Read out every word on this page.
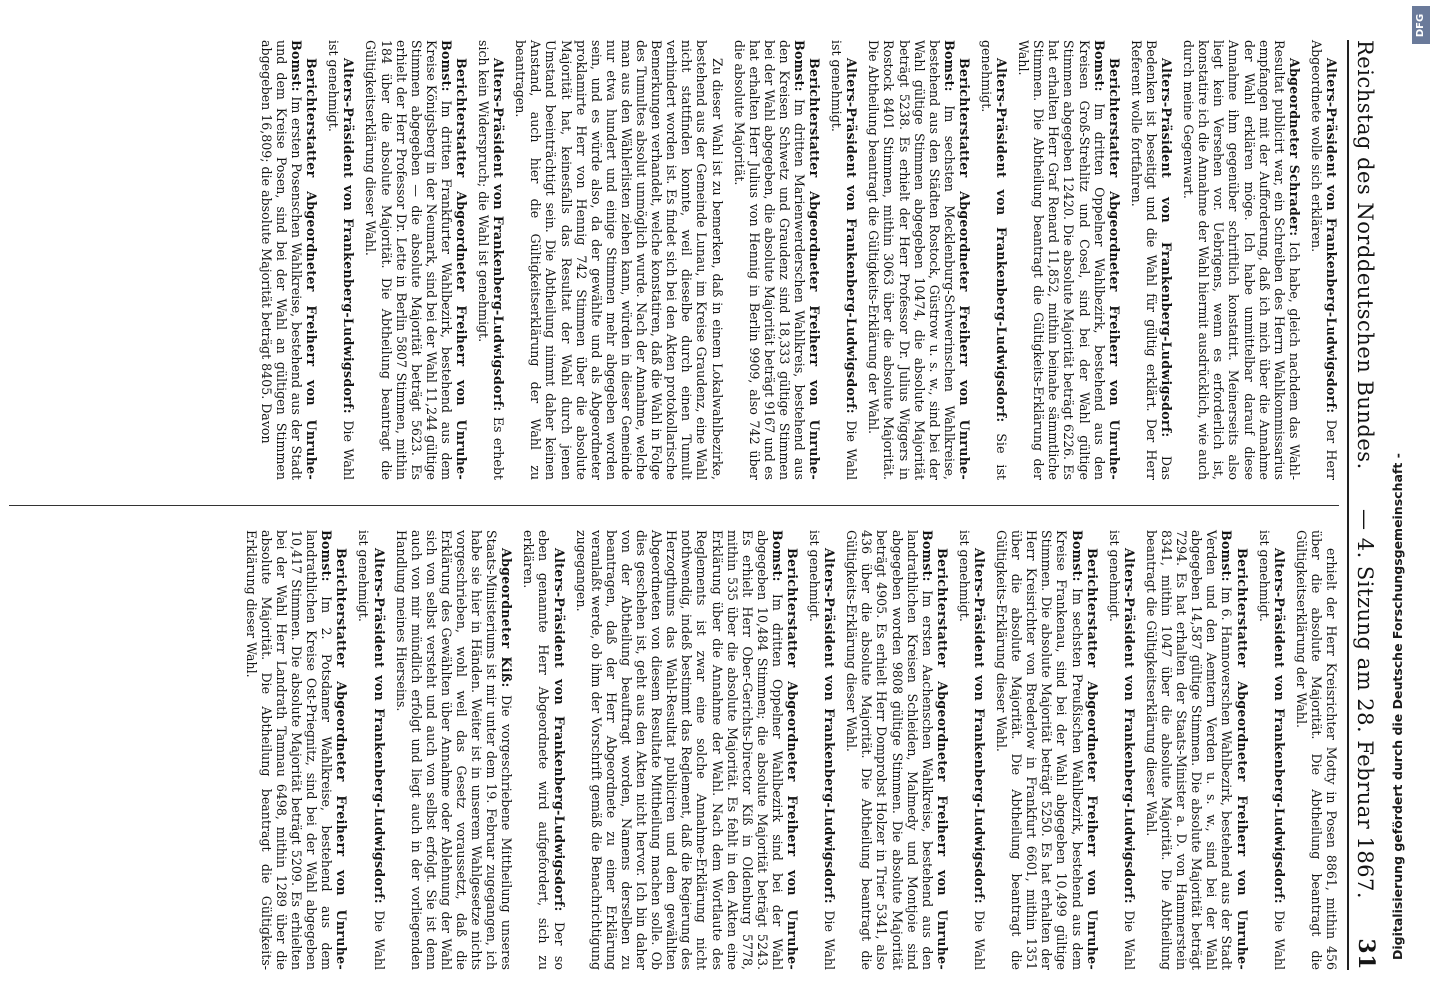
Reichstag des Norddeutschen Bundes.
— 4. Sitzung am 28. Februar 1867.
31

Alters-Präsident von Frankenberg-Ludwigsdorf: Der Herr Abgeordnete wolle sich erklären.

Abgeordneter Schrader: Ich habe, gleich nachdem das Wahl-Resultat publicirt war, ein Schreiben des Herrn Wahlkommissarius empfangen mit der Aufforderung, daß ich mich über die Annahme der Wahl erklären möge. Ich habe unmittelbar darauf diese Annahme ihm gegenüber schriftlich konstatirt. Meinerseits also liegt kein Versehen vor. Uebrigens, wenn es erforderlich ist, konstatire ich die Annahme der Wahl hiermit ausdrücklich, wie auch durch meine Gegenwart.

Alters-Präsident von Frankenberg-Ludwigsdorf: Das Bedenken ist beseitigt und die Wahl für gültig erklärt. Der Herr Referent wolle fortfahren.

Berichterstatter Abgeordneter Freiherr von Unruhe-Bomst: Im dritten Oppelner Wahlbezirk, bestehend aus den Kreisen Groß-Strehlitz und Cosel, sind bei der Wahl gültige Stimmen abgegeben 12420. Die absolute Majorität beträgt 6226. Es hat erhalten Herr Graf Renard 11,852, mithin beinahe sämmtliche Stimmen. Die Abtheilung beantragt die Gültigkeits-Erklärung der Wahl.

Alters-Präsident von Frankenberg-Ludwigsdorf: Sie ist genehmigt.

Berichterstatter Abgeordneter Freiherr von Unruhe-Bomst: Im sechsten Mecklenburg-Schwerinschen Wahlkreise, bestehend aus den Städten Rostock, Güstrow u. s. w., sind bei der Wahl gültige Stimmen abgegeben 10474, die absolute Majorität beträgt 5238. Es erhielt der Herr Professor Dr. Julius Wiggers in Rostock 8401 Stimmen, mithin 3063 über die absolute Majorität. Die Abtheilung beantragt die Gültigkeits-Erklärung der Wahl.

Alters-Präsident von Frankenberg-Ludwigsdorf: Die Wahl ist genehmigt.

Berichterstatter Abgeordneter Freiherr von Unruhe-Bomst: Im dritten Marienwerderschen Wahlkreis, bestehend aus den Kreisen Schwetz und Graudenz sind 18,333 gültige Stimmen bei der Wahl abgegeben, die absolute Majorität beträgt 9167 und es hat erhalten Herr Julius von Hennig in Berlin 9909, also 742 über die absolute Majorität.

Zu dieser Wahl ist zu bemerken, daß in einem Lokalwahlbezirke, bestehend aus der Gemeinde Lunau, im Kreise Graudenz, eine Wahl nicht stattfinden konnte, weil dieselbe durch einen Tumult verhindert worden ist. Es findet sich bei den Akten protokollarische Bemerkungen verhandelt, welche konstatiren, daß die Wahl in Folge des Tumultes absolut unmöglich wurde. Nach der Annahme, welche man aus den Wählerlisten ziehen kann, würden in dieser Gemeinde nur etwa hundert und einige Stimmen mehr abgegeben worden sein, und es würde also, da der gewählte und als Abgeordneter proklamirte Herr von Hennig 742 Stimmen über die absolute Majorität hat, keinesfalls das Resultat der Wahl durch jenen Umstand beeinträchtigt sein. Die Abtheilung nimmt daher keinen Anstand, auch hier die Gültigkeitserklärung der Wahl zu beantragen.

Alters-Präsident von Frankenberg-Ludwigsdorf: Es erhebt sich kein Widerspruch; die Wahl ist genehmigt.

Berichterstatter Abgeordneter Freiherr von Unruhe-Bomst: Im dritten Frankfurter Wahlbezirk, bestehend aus dem Kreise Königsberg in der Neumark, sind bei der Wahl 11,244 gültige Stimmen abgegeben — die absolute Majorität beträgt 5623. Es erhielt der Herr Professor Dr. Lette in Berlin 5807 Stimmen, mithin 184 über die absolute Majorität. Die Abtheilung beantragt die Gültigkeitserklärung dieser Wahl.

Alters-Präsident von Frankenberg-Ludwigsdorf: Die Wahl ist genehmigt.

Berichterstatter Abgeordneter Freiherr von Unruhe-Bomst: Im ersten Posenschen Wahlkreise, bestehend aus der Stadt und dem Kreise Posen, sind bei der Wahl an gültigen Stimmen abgegeben 16,809; die absolute Majorität beträgt 8405. Davon

erhielt der Herr Kreisrichter Motty in Posen 8861, mithin 456 über die absolute Majorität. Die Abtheilung beantragt die Gültigkeitserklärung der Wahl.

Alters-Präsident von Frankenberg-Ludwigsdorf: Die Wahl ist genehmigt.

Berichterstatter Abgeordneter Freiherr von Unruhe-Bomst: Im 6. Hannoverschen Wahlbezirk, bestehend aus der Stadt Verden und den Aemtern Verden u. s. w., sind bei der Wahl abgegeben 14,587 gültige Stimmen. Die absolute Majorität beträgt 7294. Es hat erhalten der Staats-Minister a. D. von Hammerstein 8341, mithin 1047 über die absolute Majorität. Die Abtheilung beantragt die Gültigkeitserklärung dieser Wahl.

Alters-Präsident von Frankenberg-Ludwigsdorf: Die Wahl ist genehmigt.

Berichterstatter Abgeordneter Freiherr von Unruhe-Bomst: Im sechsten Preußischen Wahlbezirk, bestehend aus dem Kreise Frankenau, sind bei der Wahl abgegeben 10,499 gültige Stimmen. Die absolute Majorität beträgt 5250. Es hat erhalten der Herr Kreisrichter von Brederlow in Frankfurt 6601, mithin 1351 über die absolute Majorität. Die Abtheilung beantragt die Gültigkeits-Erklärung dieser Wahl.

Alters-Präsident von Frankenberg-Ludwigsdorf: Die Wahl ist genehmigt.

Berichterstatter Abgeordneter Freiherr von Unruhe-Bomst: Im ersten Aachenschen Wahlkreise, bestehend aus den landrathlichen Kreisen Schleiden, Malmedy und Montjoie sind abgegeben worden 9808 gültige Stimmen. Die absolute Majorität beträgt 4905. Es erhielt Herr Domprobst Holzer in Trier 5341, also 436 über die absolute Majorität. Die Abtheilung beantragt die Gültigkeits-Erklärung dieser Wahl.

Alters-Präsident von Frankenberg-Ludwigsdorf: Die Wahl ist genehmigt.

Berichterstatter Abgeordneter Freiherr von Unruhe-Bomst: Im dritten Oppelner Wahlbezirk sind bei der Wahl abgegeben 10,484 Stimmen; die absolute Majorität beträgt 5243. Es erhielt Herr Ober-Gerichts-Director Kiß in Oldenburg 5778, mithin 535 über die absolute Majorität. Es fehlt in den Akten eine Erklärung über die Annahme der Wahl. Nach dem Wortlaute des Reglements ist zwar eine solche Annahme-Erklärung nicht nothwendig, indeß bestimmt das Reglement, daß die Regierung des Herzogthums das Wahl-Resultat publiciren und dem gewählten Abgeordneten von diesem Resultate Mittheilung machen solle. Ob dies geschehen ist, geht aus den Akten nicht hervor. Ich bin daher von der Abtheilung beauftragt worden, Namens derselben zu beantragen, daß der Herr Abgeordnete zu einer Erklärung veranlaßt werde, ob ihm der Vorschrift gemäß die Benachrichtigung zugegangen.

Alters-Präsident von Frankenberg-Ludwigsdorf: Der so eben genannte Herr Abgeordnete wird aufgefordert, sich zu erklären.

Abgeordneter Kiß: Die vorgeschriebene Mittheilung unseres Staats-Ministeriums ist mir unter dem 19. Februar zugegangen, ich habe sie hier in Händen. Weiter ist in unserem Wahlgesetze nichts vorgeschrieben, wohl weil das Gesetz voraussetzt, daß die Erklärung des Gewählten über Annahme oder Ablehnung der Wahl sich von selbst versteht und auch von selbst erfolgt. Sie ist denn auch von mir mündlich erfolgt und liegt auch in der vorliegenden Handlung meines Hierseins.

Alters-Präsident von Frankenberg-Ludwigsdorf: Die Wahl ist genehmigt.

Berichterstatter Abgeordneter Freiherr von Unruhe-Bomst: Im 2. Potsdamer Wahlkreise, bestehend aus dem landrathlichen Kreise Ost-Priegnitz, sind bei der Wahl abgegeben 10,417 Stimmen. Die absolute Majorität beträgt 5209. Es erhielten bei der Wahl Herr Landrath Tamnau 6498, mithin 1289 über die absolute Majorität. Die Abtheilung beantragt die Gültigkeits-Erklärung dieser Wahl.

DFG
Digitalisierung gefördert durch die Deutsche Forschungsgemeinschaft -
